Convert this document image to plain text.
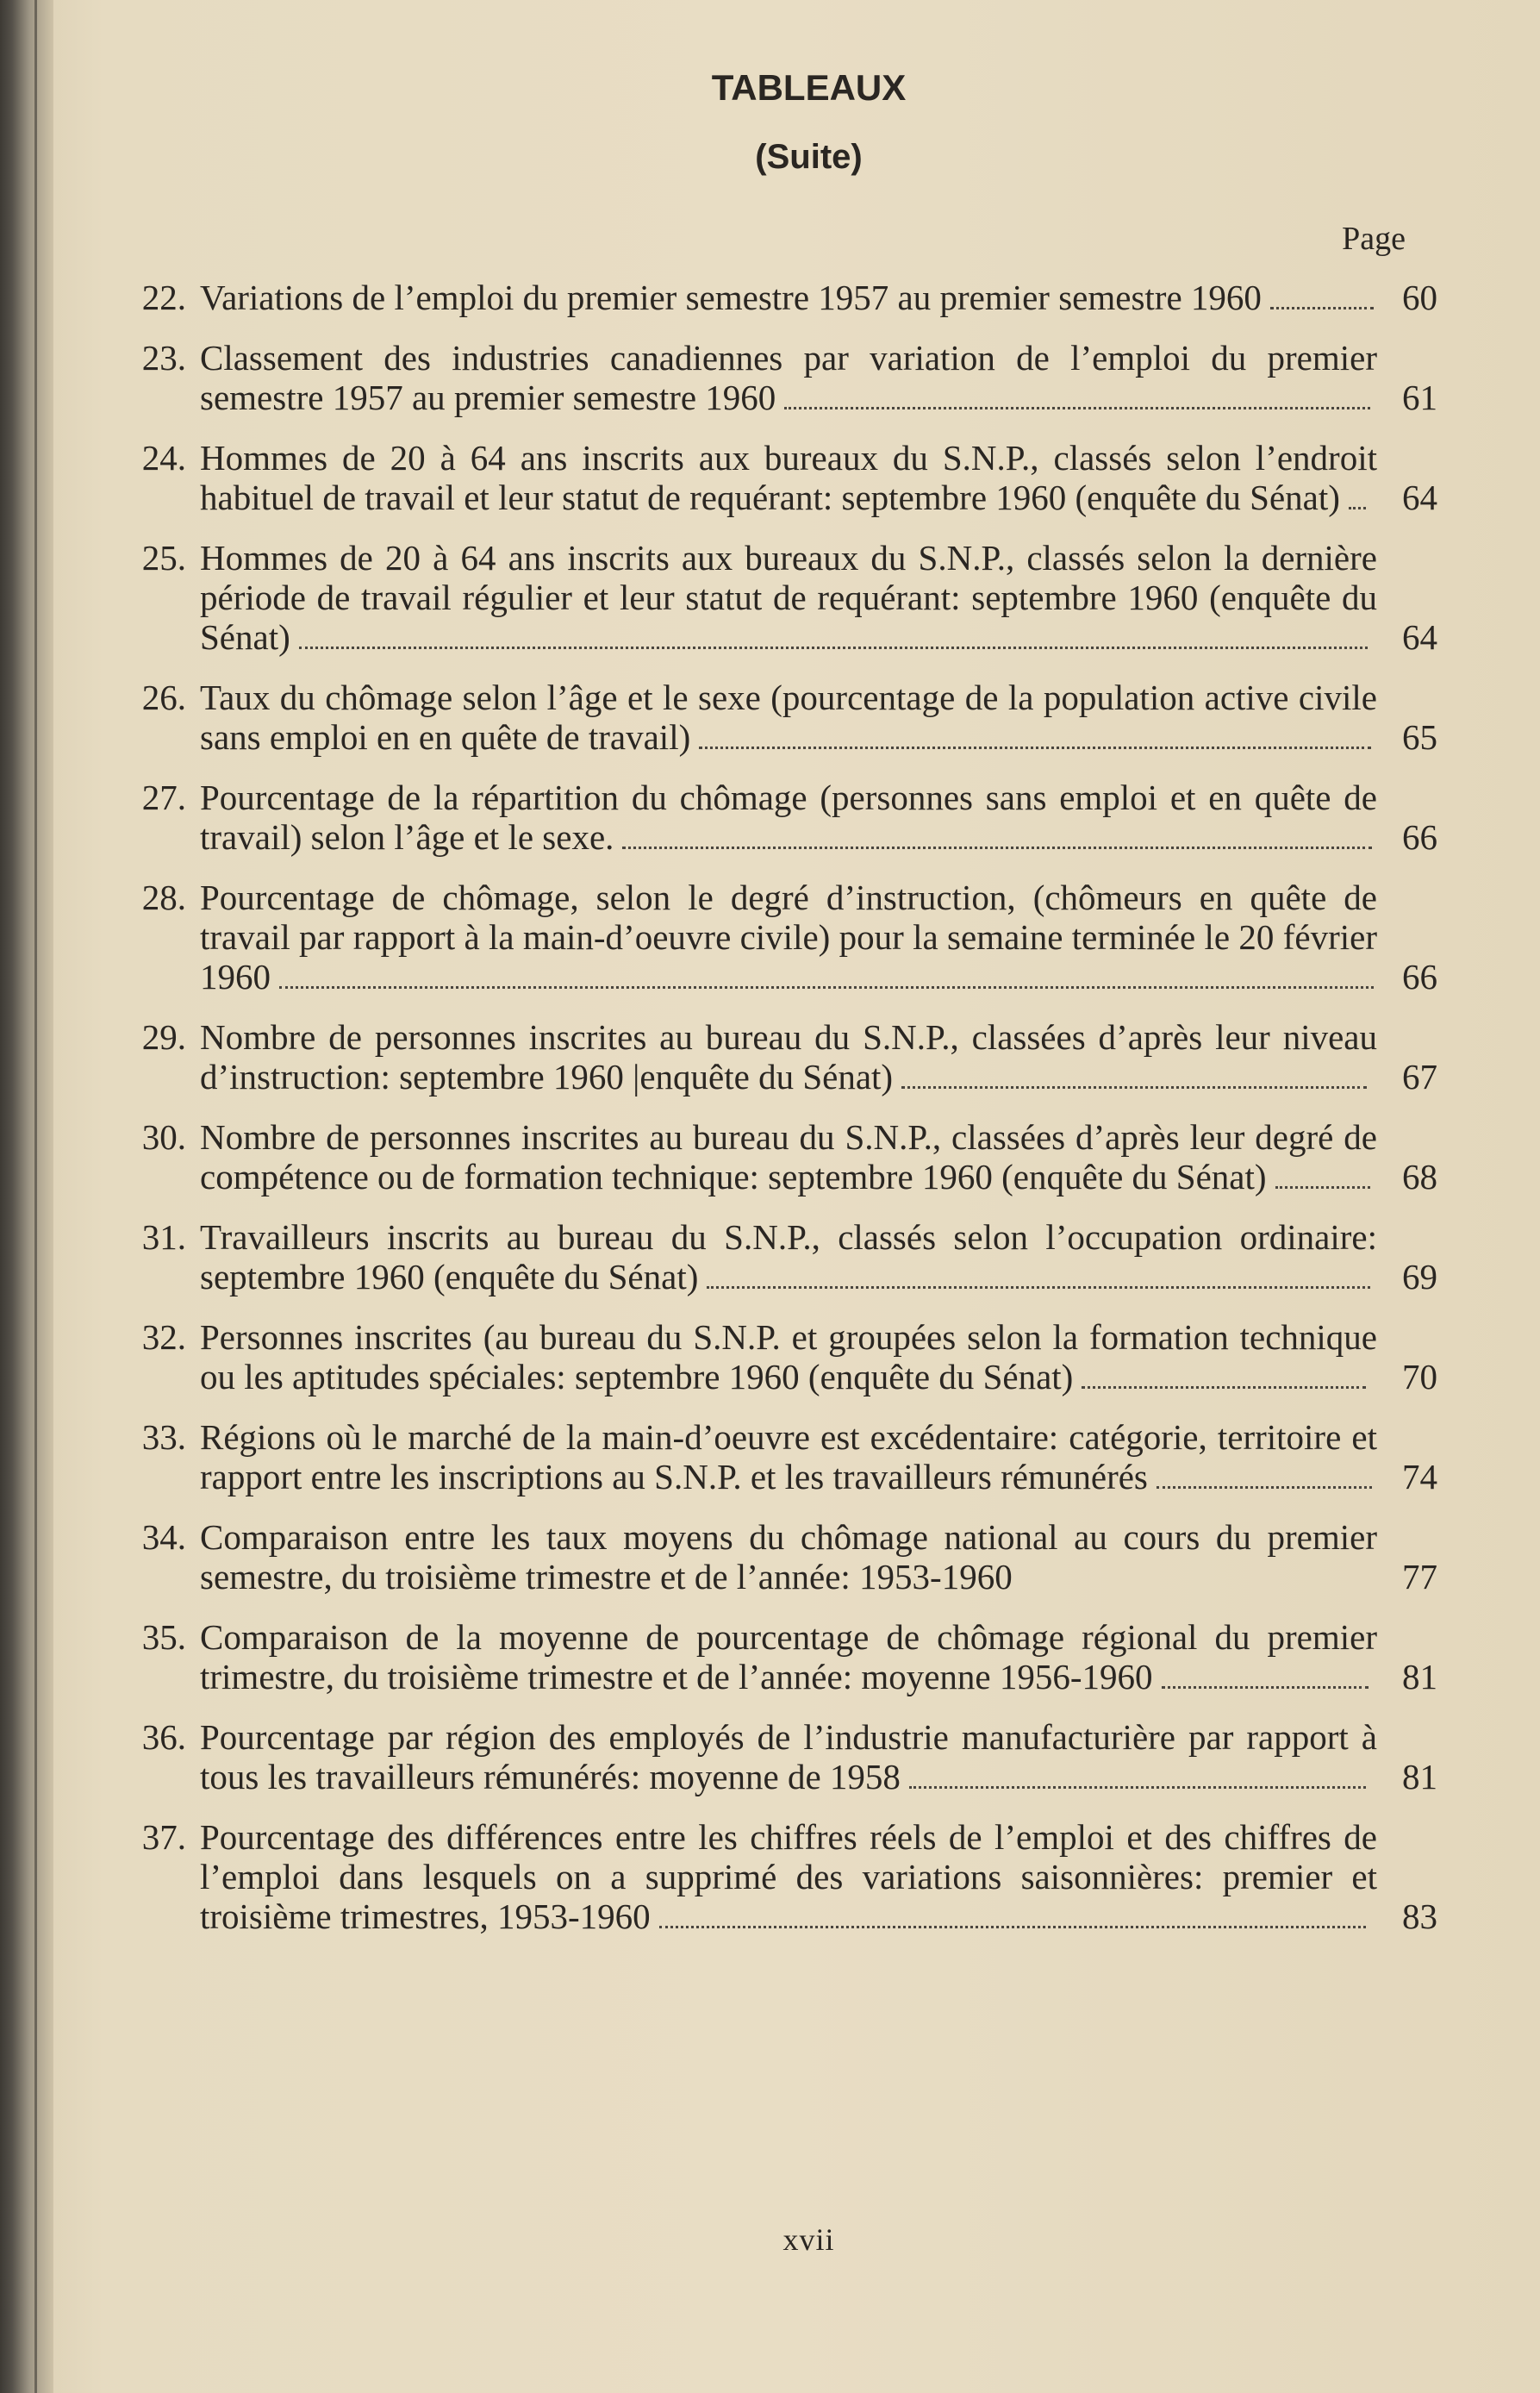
TABLEAUX
(Suite)
Page
22. Variations de l’emploi du premier semestre 1957 au premier semestre 1960	60
23. Classement des industries canadiennes par variation de l’emploi du premier semestre 1957 au premier semestre 1960	61
24. Hommes de 20 à 64 ans inscrits aux bureaux du S.N.P., classés selon l’endroit habituel de travail et leur statut de requérant: septembre 1960 (enquête du Sénat)	64
25. Hommes de 20 à 64 ans inscrits aux bureaux du S.N.P., classés selon la dernière période de travail régulier et leur statut de requérant: septembre 1960 (enquête du Sénat)	64
26. Taux du chômage selon l’âge et le sexe (pourcentage de la population active civile sans emploi en en quête de travail)	65
27. Pourcentage de la répartition du chômage (personnes sans emploi et en quête de travail) selon l’âge et le sexe.	66
28. Pourcentage de chômage, selon le degré d’instruction, (chômeurs en quête de travail par rapport à la main-d’oeuvre civile) pour la semaine terminée le 20 février 1960	66
29. Nombre de personnes inscrites au bureau du S.N.P., classées d’après leur niveau d’instruction: septembre 1960 |enquête du Sénat)	67
30. Nombre de personnes inscrites au bureau du S.N.P., classées d’après leur degré de compétence ou de formation technique: septembre 1960 (enquête du Sénat)	68
31. Travailleurs inscrits au bureau du S.N.P., classés selon l’occupation ordinaire: septembre 1960 (enquête du Sénat)	69
32. Personnes inscrites (au bureau du S.N.P. et groupées selon la formation technique ou les aptitudes spéciales: septembre 1960 (enquête du Sénat)	70
33. Régions où le marché de la main-d’oeuvre est excédentaire: catégorie, territoire et rapport entre les inscriptions au S.N.P. et les travailleurs rémunérés	74
34. Comparaison entre les taux moyens du chômage national au cours du premier semestre, du troisième trimestre et de l’année: 1953-1960	77
35. Comparaison de la moyenne de pourcentage de chômage régional du premier trimestre, du troisième trimestre et de l’année: moyenne 1956-1960	81
36. Pourcentage par région des employés de l’industrie manufacturière par rapport à tous les travailleurs rémunérés: moyenne de 1958	81
37. Pourcentage des différences entre les chiffres réels de l’emploi et des chiffres de l’emploi dans lesquels on a supprimé des variations saisonnières: premier et troisième trimestres, 1953-1960	83
xvii
